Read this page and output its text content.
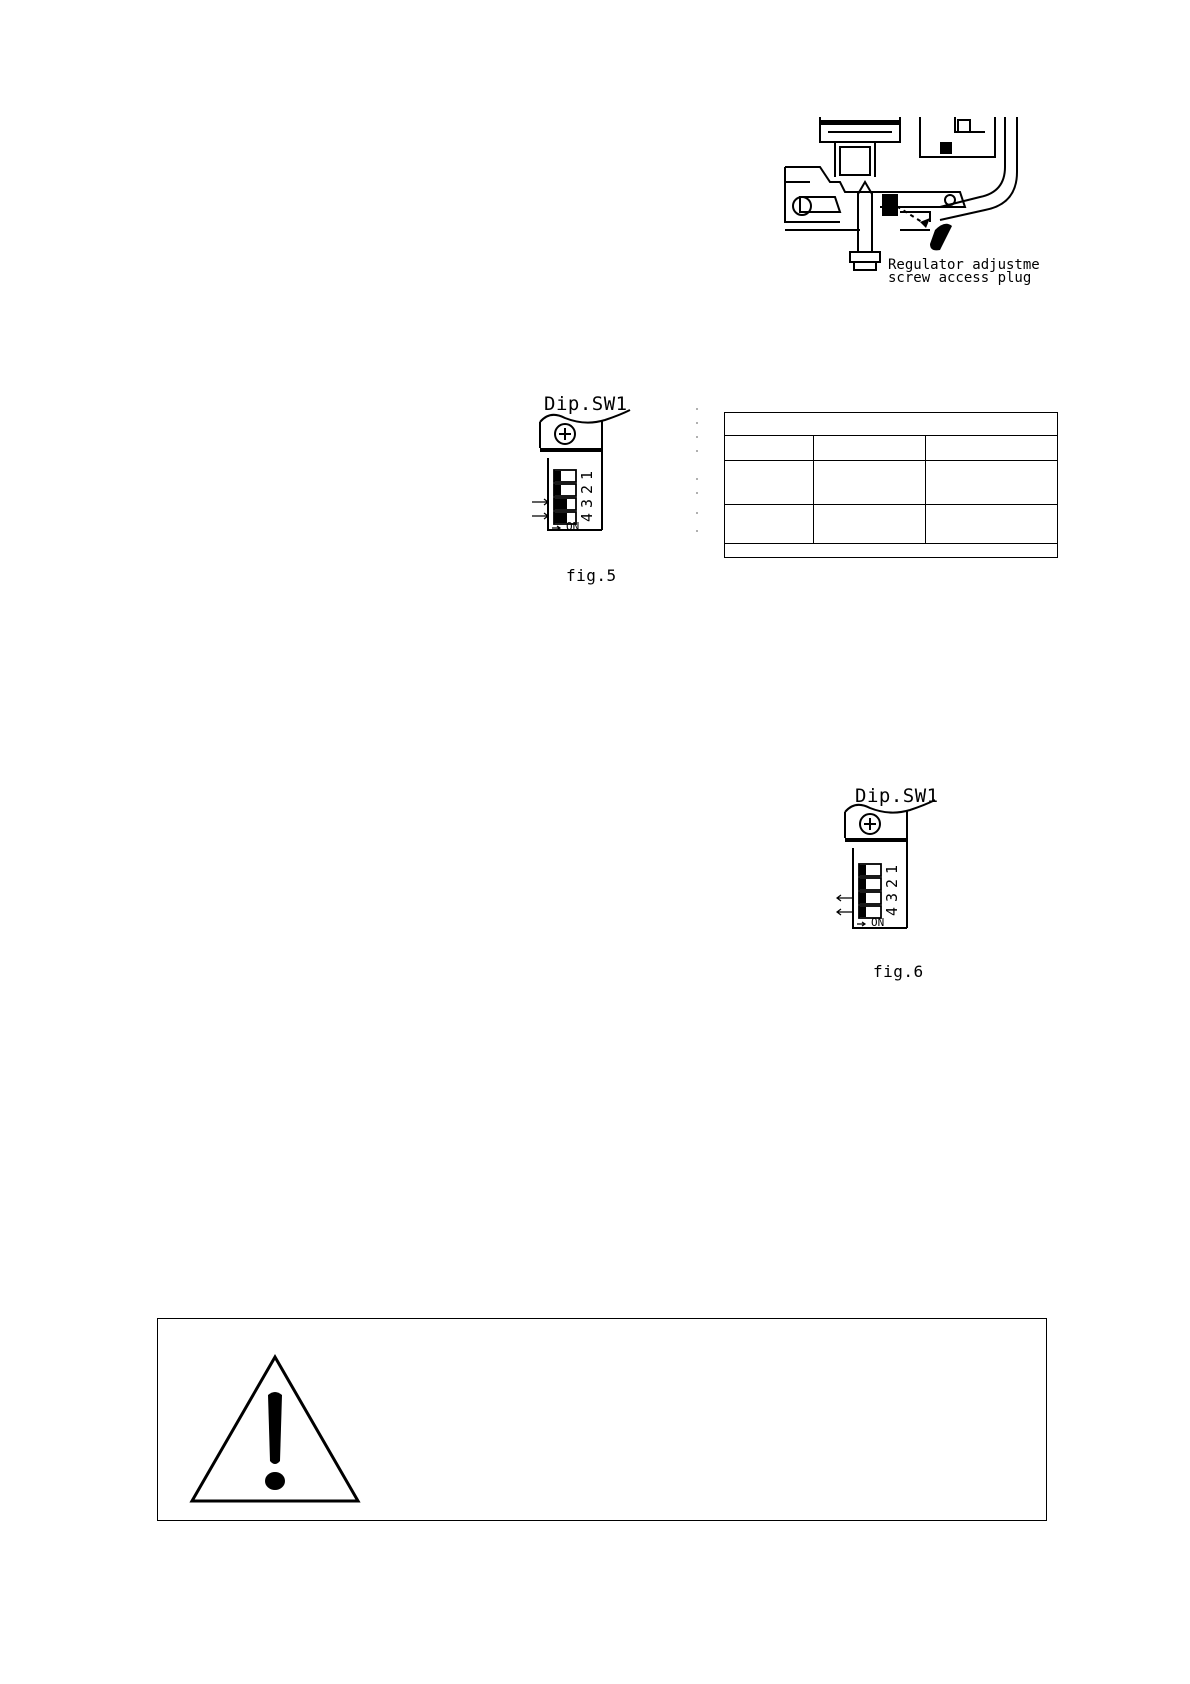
Regulator adjustment
screw access plug
Dip.SW1
1
2
3
4
ON
fig.5
Dip.SW1
1
2
3
4
ON
fig.6
